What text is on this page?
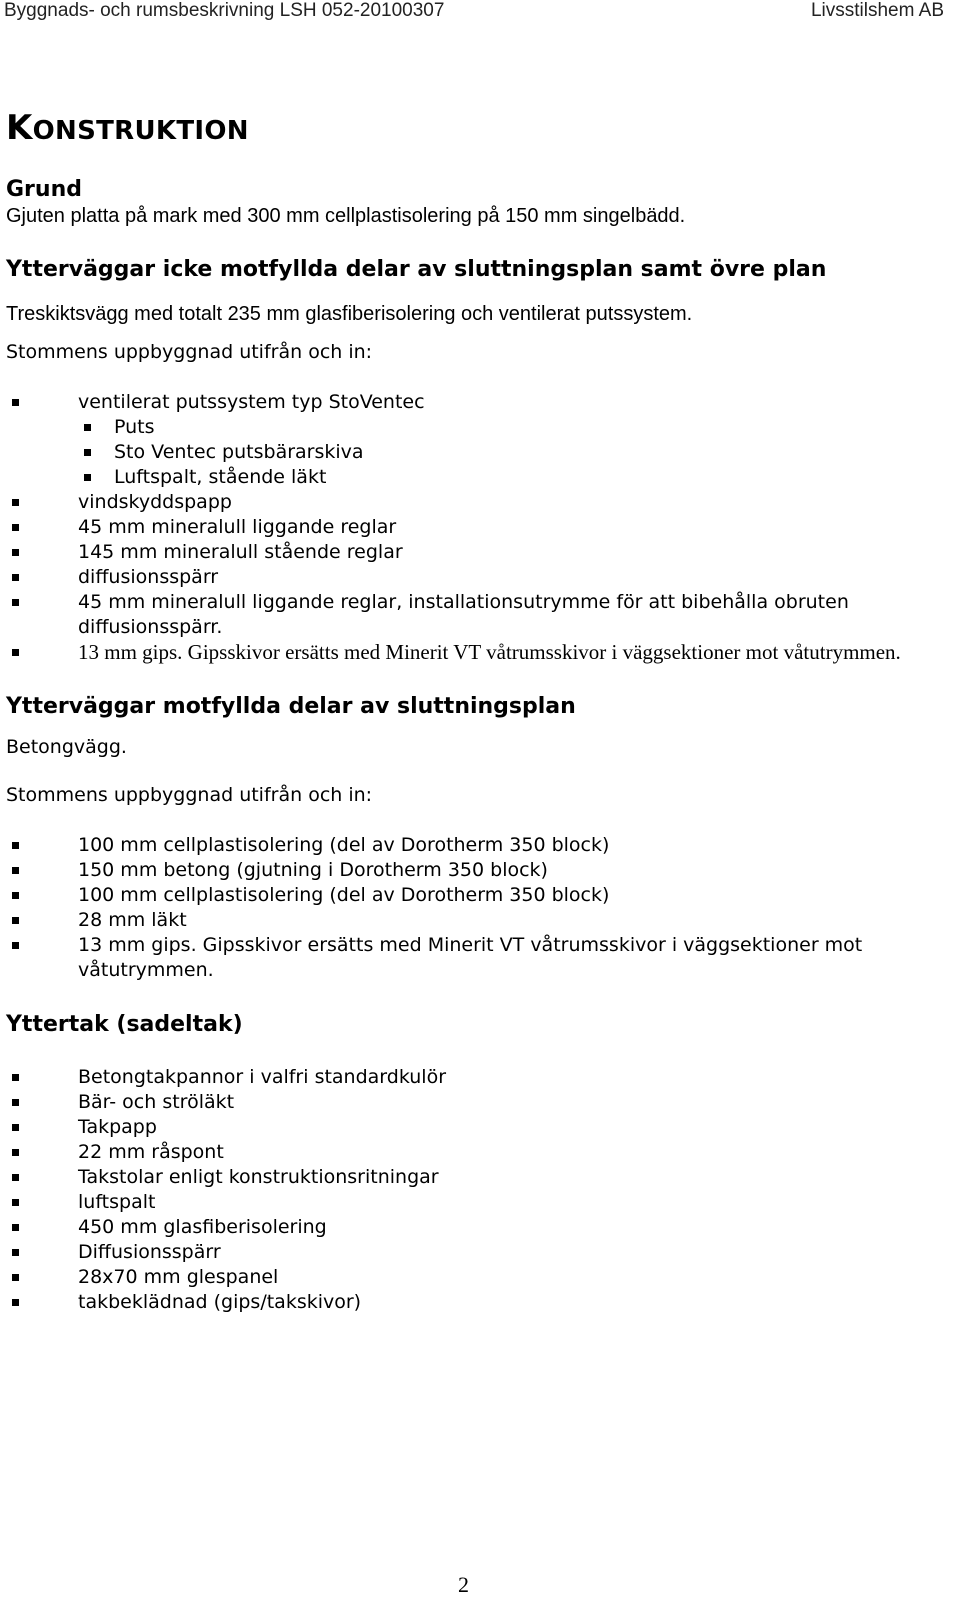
Byggnads- och rumsbeskrivning LSH 052-20100307	Livsstilshem AB
KONSTRUKTION
Grund

Gjuten platta på mark med 300 mm cellplastisolering på 150 mm singelbädd.

Ytterväggar icke motfyllda delar av sluttningsplan samt övre plan

Treskiktsvägg med totalt 235 mm glasfiberisolering och ventilerat putssystem.

Stommens uppbyggnad utifrån och in:

ventilerat putssystem typ StoVentec
Puts
Sto Ventec putsbärarskiva
Luftspalt, stående läkt
vindskyddspapp
45 mm mineralull liggande reglar
145 mm mineralull stående reglar
diffusionsspärr
45 mm mineralull liggande reglar, installationsutrymme för att bibehålla obruten diffusionsspärr.
13 mm gips. Gipsskivor ersätts med Minerit VT våtrumsskivor i väggsektioner mot våtutrymmen.
Ytterväggar motfyllda delar av sluttningsplan

Betongvägg.

Stommens uppbyggnad utifrån och in:

100 mm cellplastisolering (del av Dorotherm 350 block)
150 mm betong (gjutning i Dorotherm 350 block)
100 mm cellplastisolering (del av Dorotherm 350 block)
28 mm läkt
13 mm gips. Gipsskivor ersätts med Minerit VT våtrumsskivor i väggsektioner mot våtutrymmen.
Yttertak (sadeltak)
Betongtakpannor i valfri standardkulör
Bär- och ströläkt
Takpapp
22 mm råspont
Takstolar enligt konstruktionsritningar
luftspalt
450 mm glasfiberisolering
Diffusionsspärr
28x70 mm glespanel
takbeklädnad (gips/takskivor)
2
